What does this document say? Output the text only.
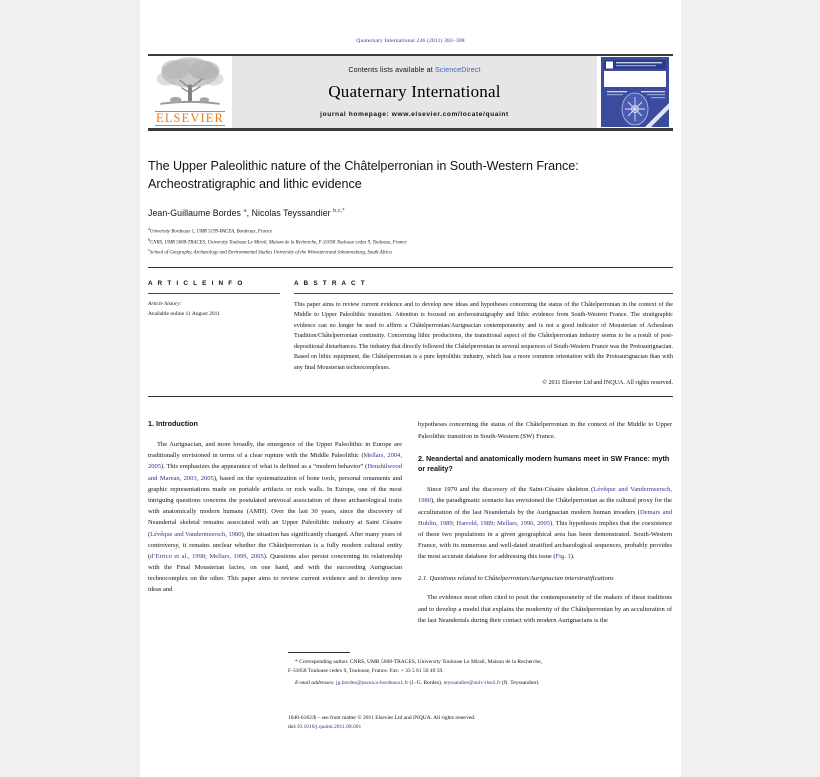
Quaternary International 246 (2011) 382–388
ELSEVIER
Contents lists available at ScienceDirect
Quaternary International
journal homepage: www.elsevier.com/locate/quaint
The Upper Paleolithic nature of the Châtelperronian in South-Western France: Archeostratigraphic and lithic evidence
Jean-Guillaume Bordes $^a$, Nicolas Teyssandier $^{b,c,*}$
$^a$University Bordeaux 1, UMR 5199-PACEA, Bordeaux, France
$^b$CNRS, UMR 5608-TRACES, University Toulouse Le Mirail, Maison de la Recherche, F-31058 Toulouse cedex 9, Toulouse, France
$^c$School of Geography, Archaeology and Environmental Studies University of the Witwatersrand Johannesburg, South Africa
A R T I C L E I N F O
Article history:
Available online 11 August 2011
A B S T R A C T
This paper aims to review current evidence and to develop new ideas and hypotheses concerning the status of the Châtelperronian in the context of the Middle to Upper Paleolithic transition. Attention is focused on archeostratigraphy and lithic evidence from South-Western France. The stratigraphic evidence can no longer be used to affirm a Châtelperronian/Aurignacian contemporaneity and is not a good indicator of Mousterian of Acheulean Tradition/Châtelperronian continuity. Concerning lithic productions, the transitional aspect of the Châtelperronian industry seems to be a result of post-depositional disturbances. The industry that directly followed the Châtelperronian in several sequences of South-Western France was the Protoaurignacian. Based on lithic equipment, the Châtelperronian is a pure leptolithic industry, which has a more common orientation with the Protoaurignacian than with any final Mousterian technocomplexes.
© 2011 Elsevier Ltd and INQUA. All rights reserved.
1. Introduction

The Aurignacian, and more broadly, the emergence of the Upper Paleolithic in Europe are traditionally envisioned in terms of a clear rupture with the Middle Paleolithic (Mellars, 2004, 2005). This emphasizes the appearance of what is defined as a “modern behavior” (Henshilwood and Marean, 2003, 2005), based on the systematization of bone tools, personal ornaments and graphic representations made on portable artifacts or rock walls. In Europe, one of the most intriguing questions concerns the postulated univocal association of these archaeological traits with anatomically modern humans (AMH). Over the last 30 years, since the discovery of Neandertal skeletal remains associated with an Upper Paleolithic industry at Saint Césaire (Lévêque and Vandermeersch, 1980), the situation has significantly changed. After many years of controversy, it remains unclear whether the Châtelperronian is a fully modern cultural entity (d’Errico et al., 1998; Mellars, 1999, 2005). Questions also persist concerning its relationship with the Final Mousterian facies, on one hand, and with the succeeding Aurignacian technocomplex on the other. This paper aims to review current evidence and to develop new ideas and

hypotheses concerning the status of the Châtelperronian in the context of the Middle to Upper Paleolithic transition in South-Western (SW) France.

2. Neandertal and anatomically modern humans meet in SW France: myth or reality?

Since 1979 and the discovery of the Saint-Césaire skeleton (Lévêque and Vandermeersch, 1980), the paradigmatic scenario has envisioned the Châtelperronian as the cultural proxy for the acculturation of the last Neandertals by the Aurignacian modern human invaders (Demars and Hublin, 1989; Harrold, 1989; Mellars, 1996, 2005). This hypothesis implies that the coexistence of these two populations in a given geographical area has been demonstrated. South-Western France, with its numerous and well-dated stratified archaeological sequences, probably provides the most accurate database for addressing this issue (Fig. 1).

2.1. Questions related to Châtelperronian/Aurignacian interstratifications

The evidence most often cited to posit the contemporaneity of the makers of these traditions and to develop a model that explains the modernity of the Châtelperronian by an acculturation of the last Neandertals during their contact with modern Aurignacians is the

* Corresponding author. CNRS, UMR 5608-TRACES, University Toulouse Le Mirail, Maison de la Recherche, F-31058 Toulouse cedex 9, Toulouse, France. Fax: + 33 5 61 50 49 59.
E-mail addresses: jg.bordes@pacea.u-bordeaux1.fr (J.-G. Bordes), teyssandier@univ-tlse2.fr (N. Teyssandier).
1040-6182/$ – see front matter © 2011 Elsevier Ltd and INQUA. All rights reserved.
doi:10.1016/j.quaint.2011.08.001
